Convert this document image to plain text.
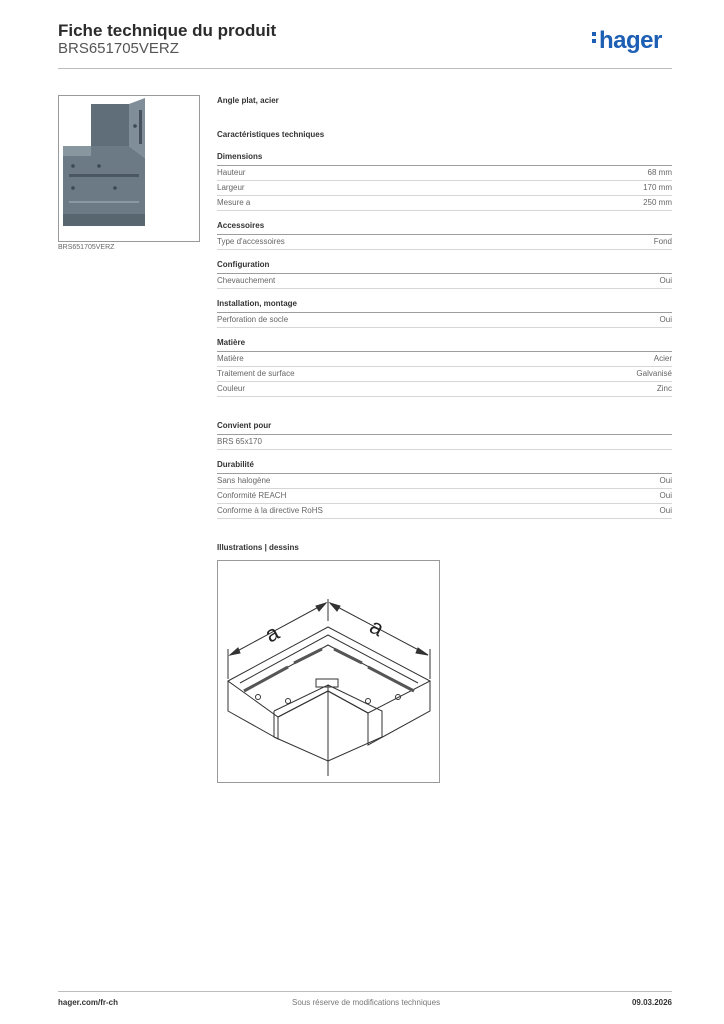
Fiche technique du produit
BRS651705VERZ	hager
BRS651705VERZ
Angle plat, acier
Caractéristiques techniques
Dimensions
Hauteur	68 mm
Largeur	170 mm
Mesure a	250 mm
Accessoires
Type d'accessoires	Fond
Configuration
Chevauchement	Oui
Installation, montage
Perforation de socle	Oui
Matière
Matière	Acier
Traitement de surface	Galvanisé
Couleur	Zinc
Convient pour
BRS 65x170
Durabilité
Sans halogène	Oui
Conformité REACH	Oui
Conforme à la directive RoHS	Oui
Illustrations | dessins
a	a
hager.com/fr-ch	Sous réserve de modifications techniques	09.03.2026
